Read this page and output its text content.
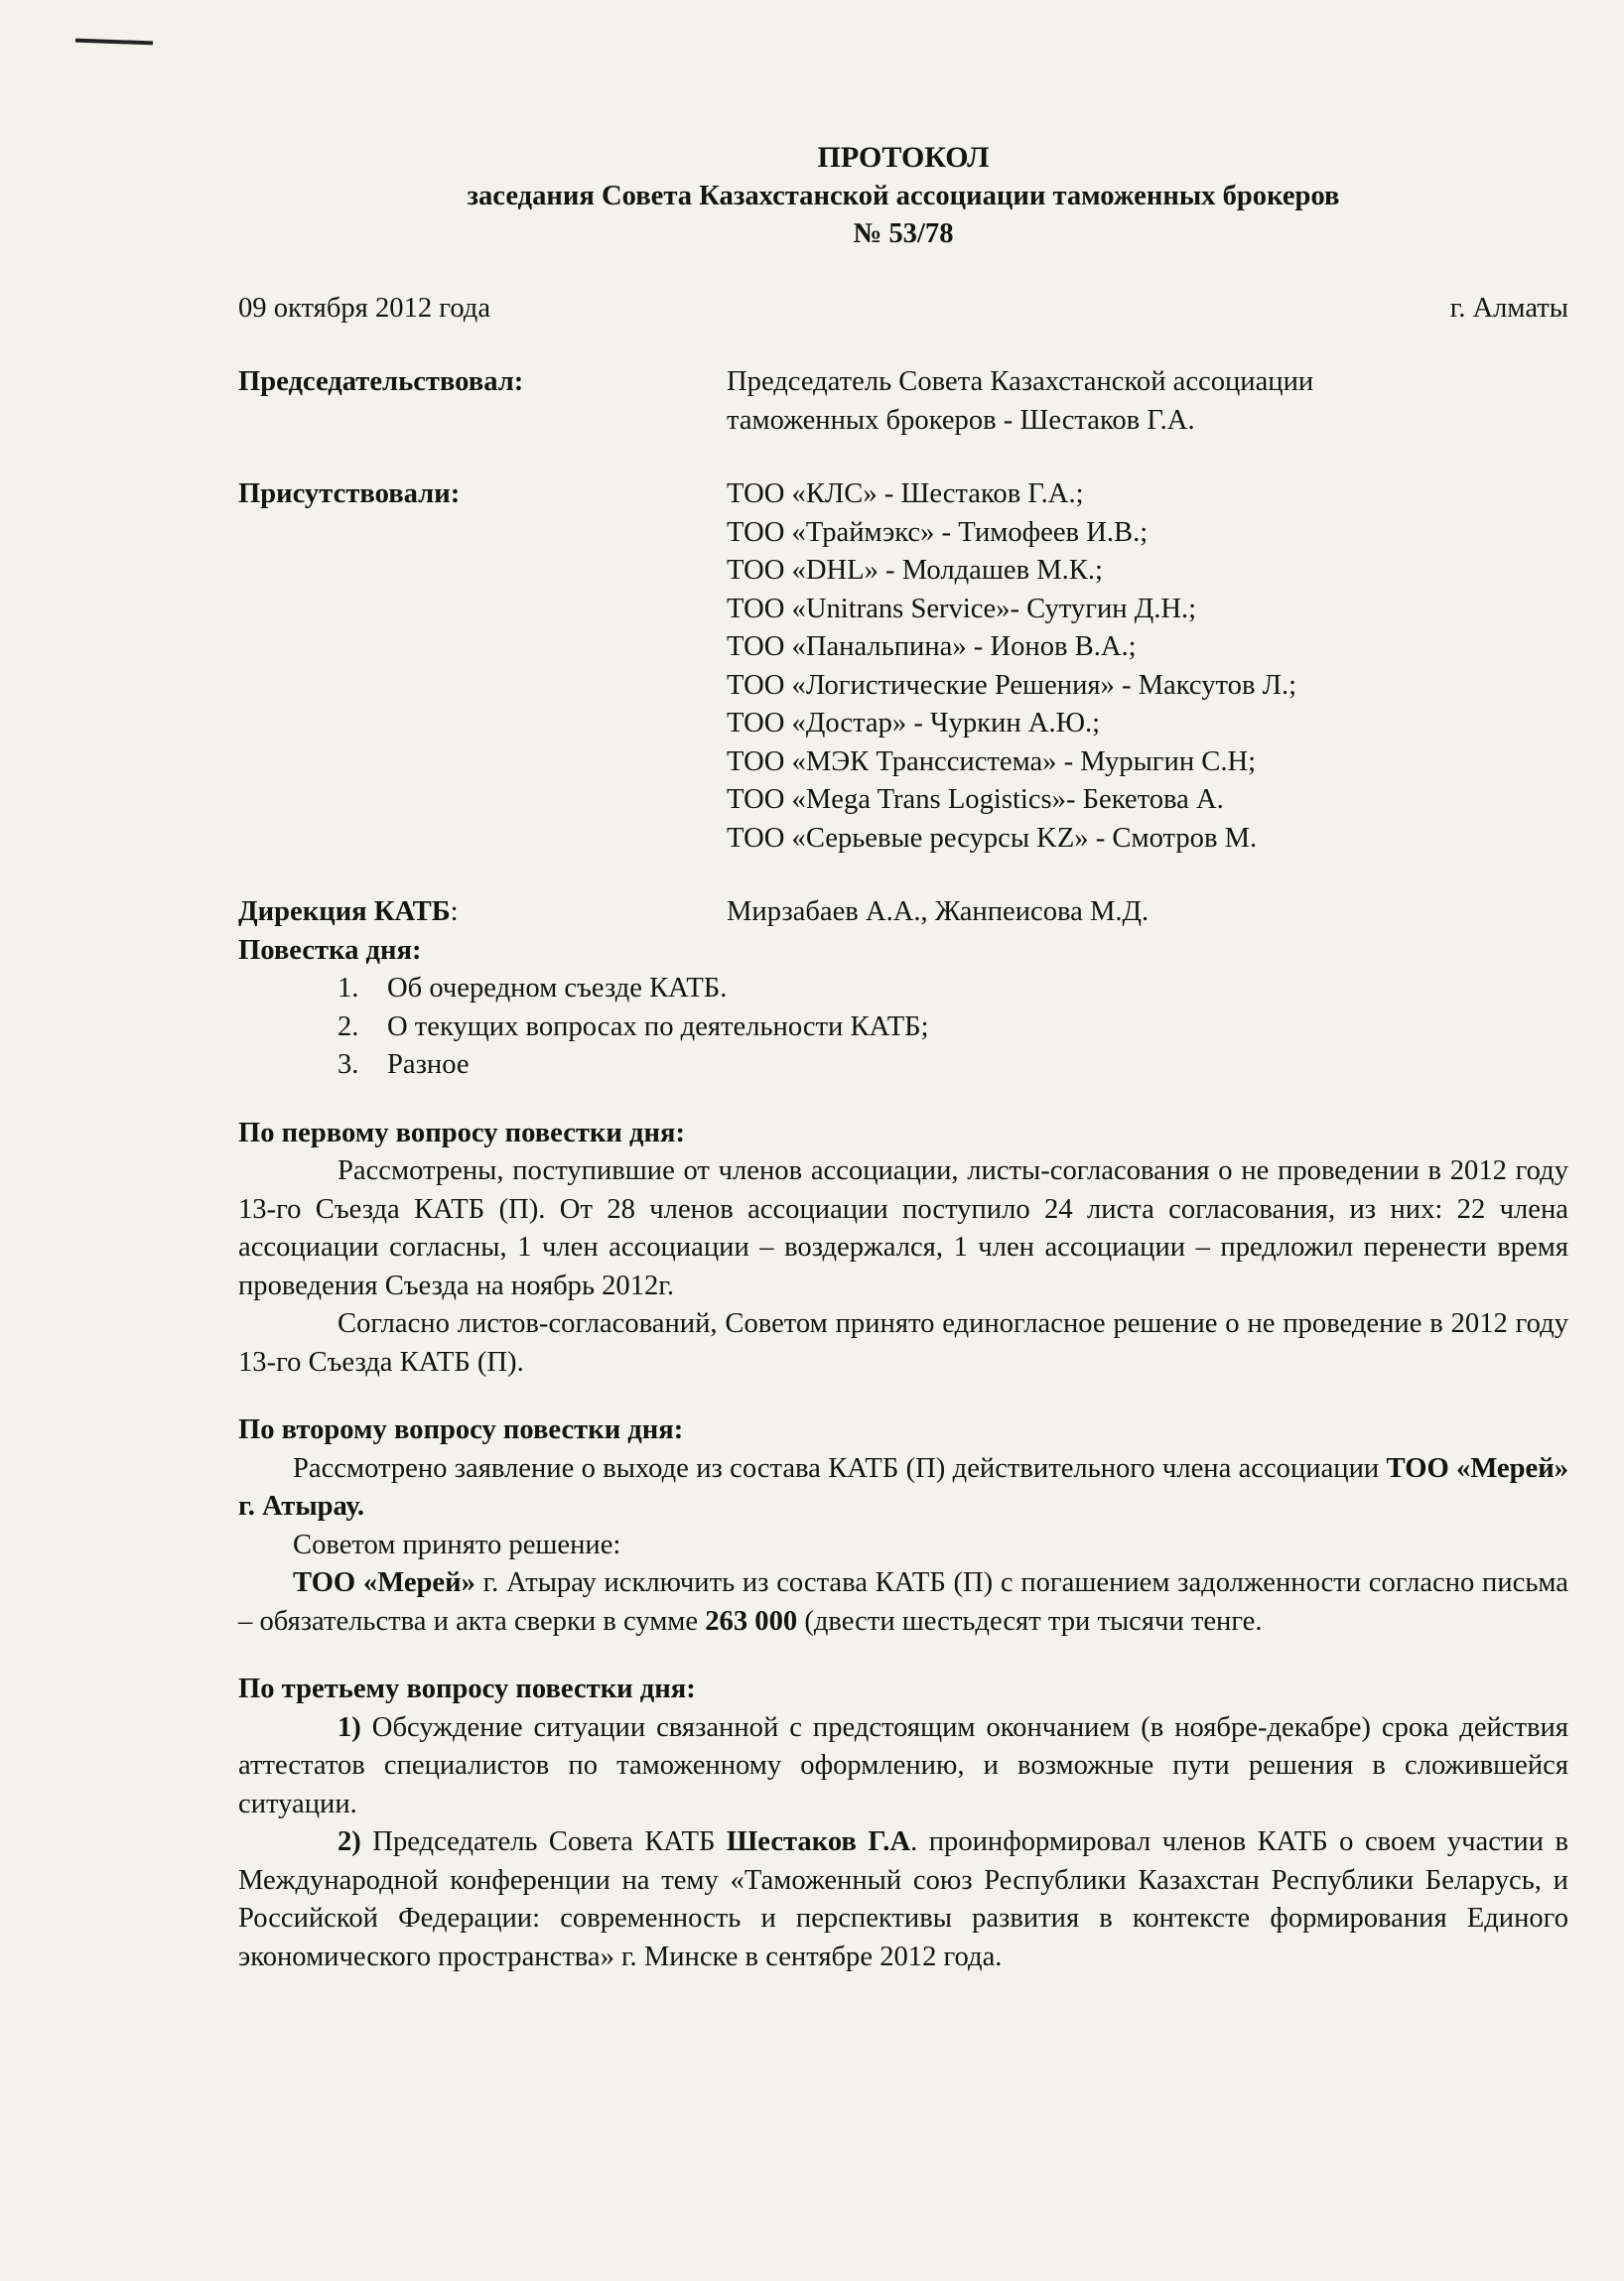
ПРОТОКОЛ
заседания Совета Казахстанской ассоциации таможенных брокеров
№ 53/78
09 октября 2012 года	г. Алматы
Председательствовал:	Председатель Совета Казахстанской ассоциации
таможенных брокеров - Шестаков Г.А.
Присутствовали:	ТОО «КЛС» - Шестаков Г.А.;
ТОО «Траймэкс» - Тимофеев И.В.;
ТОО «DHL» - Молдашев М.К.;
ТОО «Unitrans Service»- Сутугин Д.Н.;
ТОО «Панальпина» - Ионов В.А.;
ТОО «Логистические Решения» - Максутов Л.;
ТОО «Достар» - Чуркин А.Ю.;
ТОО «МЭК Транссистема» - Мурыгин С.Н;
ТОО «Mega Trans Logistics»- Бекетова А.
ТОО «Серьевые ресурсы KZ» - Смотров М.
Дирекция КАТБ:	Мирзабаев А.А., Жанпеисова М.Д.
Повестка дня:
1. Об очередном съезде КАТБ.
2. О текущих вопросах по деятельности КАТБ;
3. Разное
По первому вопросу повестки дня:

Рассмотрены, поступившие от членов ассоциации, листы-согласования о не проведении в 2012 году 13-го Съезда КАТБ (П). От 28 членов ассоциации поступило 24 листа согласования, из них: 22 члена ассоциации согласны, 1 член ассоциации – воздержался, 1 член ассоциации – предложил перенести время проведения Съезда на ноябрь 2012г.

Согласно листов-согласований, Советом принято единогласное решение о не проведение в 2012 году 13-го Съезда КАТБ (П).

По второму вопросу повестки дня:

Рассмотрено заявление о выходе из состава КАТБ (П) действительного члена ассоциации ТОО «Мерей» г. Атырау.

Советом принято решение:

ТОО «Мерей» г. Атырау исключить из состава КАТБ (П) с погашением задолженности согласно письма – обязательства и акта сверки в сумме 263 000 (двести шестьдесят три тысячи тенге.

По третьему вопросу повестки дня:

1) Обсуждение ситуации связанной с предстоящим окончанием (в ноябре-декабре) срока действия аттестатов специалистов по таможенному оформлению, и возможные пути решения в сложившейся ситуации.

2) Председатель Совета КАТБ Шестаков Г.А. проинформировал членов КАТБ о своем участии в Международной конференции на тему «Таможенный союз Республики Казахстан Республики Беларусь, и Российской Федерации: современность и перспективы развития в контексте формирования Единого экономического пространства» г. Минске в сентябре 2012 года.
